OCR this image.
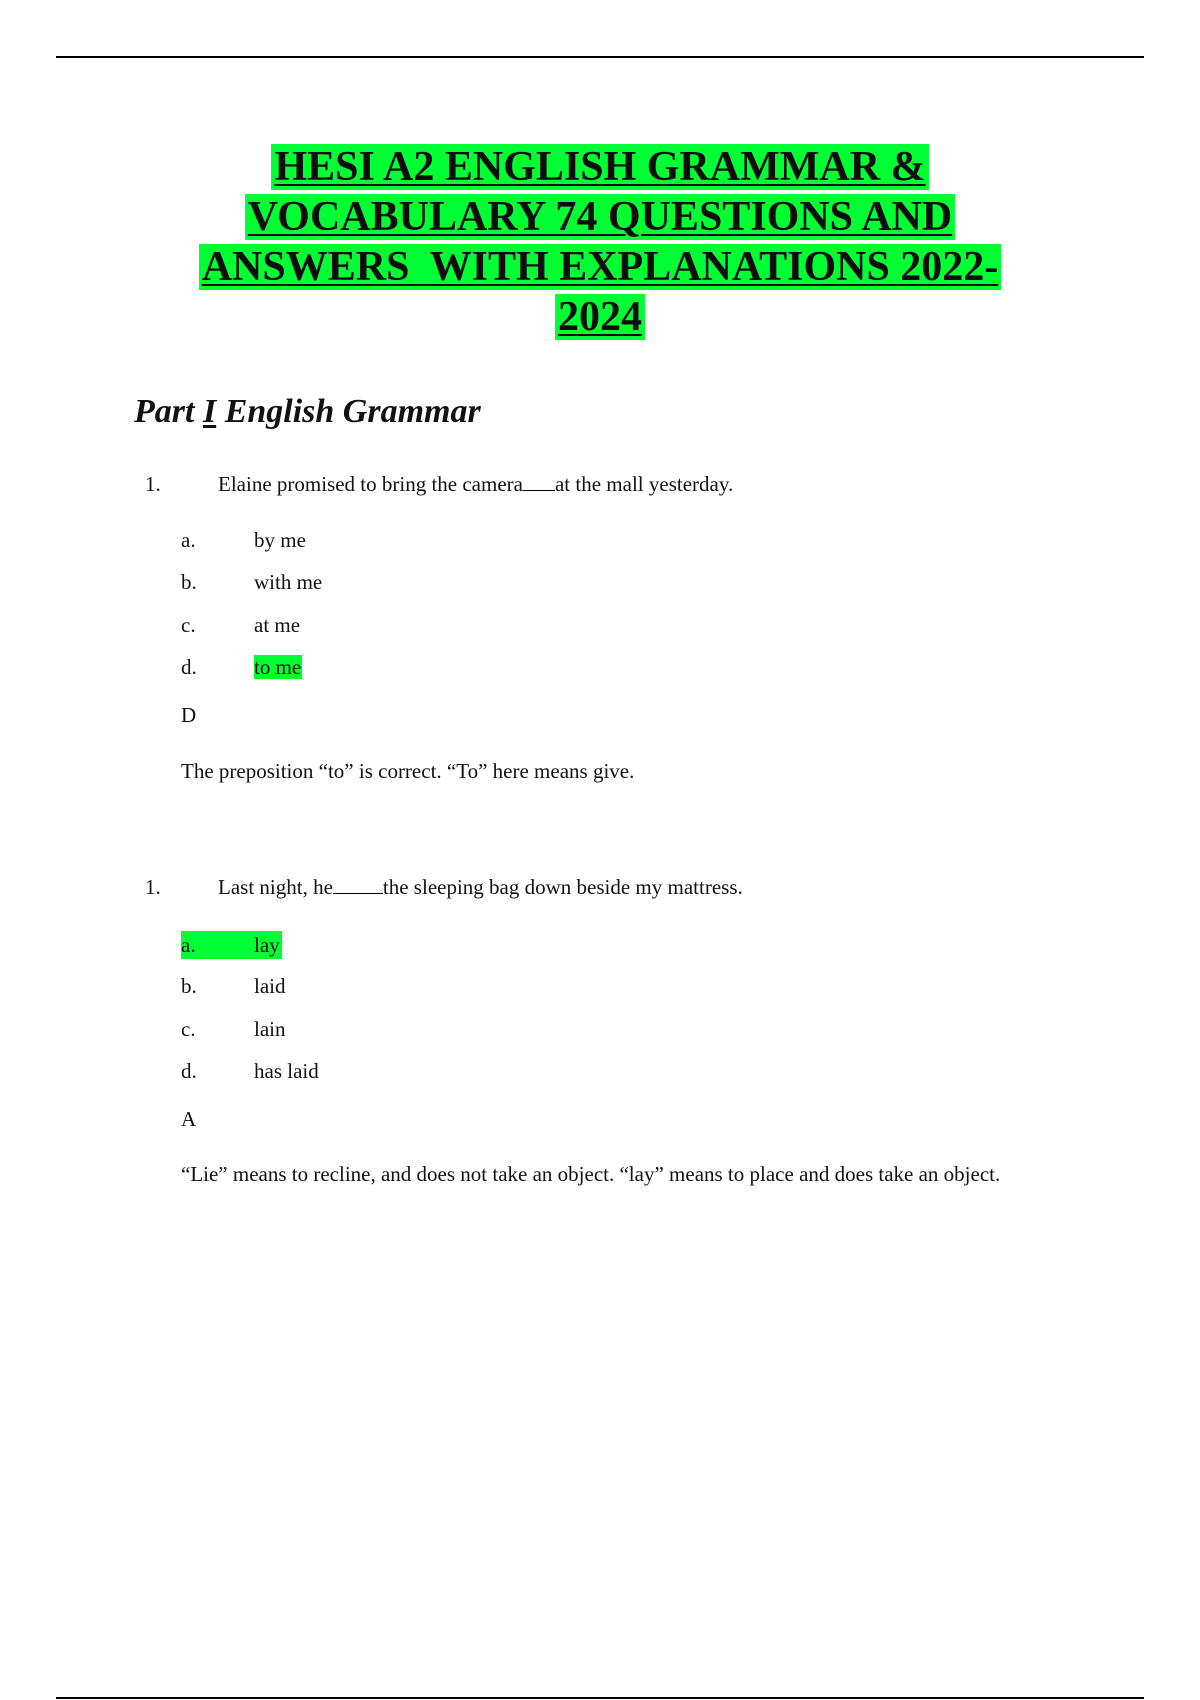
HESI A2 ENGLISH GRAMMAR &
VOCABULARY 74 QUESTIONS AND
ANSWERS  WITH EXPLANATIONS 2022-
2024
Part I English Grammar
1.	Elaine promised to bring the camera at the mall yesterday.
a.	by me
b.	with me
c.	at me
d.	to me
D
The preposition “to” is correct. “To” here means give.
1.	Last night, he the sleeping bag down beside my mattress.
a.	lay
b.	laid
c.	lain
d.	has laid
A
“Lie” means to recline, and does not take an object. “lay” means to place and does take an object.
